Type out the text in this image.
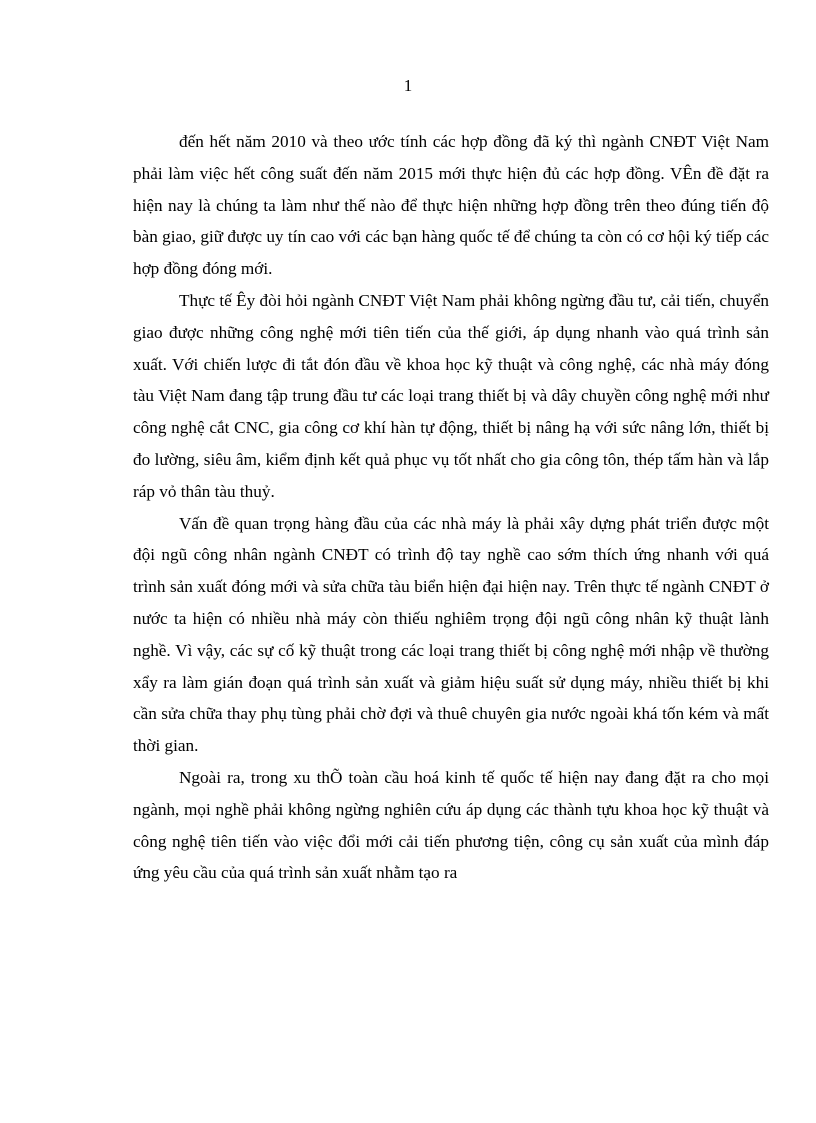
1

đến hết năm 2010 và theo ước tính các hợp đồng đã ký thì ngành CNĐT Việt Nam phải làm việc hết công suất đến năm 2015 mới thực hiện đủ các hợp đồng. VÊn đề đặt ra hiện nay là chúng ta làm như thế nào để thực hiện những hợp đồng trên theo đúng tiến độ bàn giao, giữ được uy tín cao với các bạn hàng quốc tế để chúng ta còn có cơ hội ký tiếp các hợp đồng đóng mới.

Thực tế Êy đòi hỏi ngành CNĐT Việt Nam phải không ngừng đầu tư, cải tiến, chuyển giao được những công nghệ mới tiên tiến của thế giới, áp dụng nhanh vào quá trình sản xuất. Với chiến lược đi tắt đón đầu về khoa học kỹ thuật và công nghệ, các nhà máy đóng tàu Việt Nam đang tập trung đầu tư các loại trang thiết bị và dây chuyền công nghệ mới như công nghệ cắt CNC, gia công cơ khí hàn tự động, thiết bị nâng hạ với sức nâng lớn, thiết bị đo lường, siêu âm, kiểm định kết quả phục vụ tốt nhất cho gia công tôn, thép tấm hàn và lắp ráp vỏ thân tàu thuỷ.

Vấn đề quan trọng hàng đầu của các nhà máy là phải xây dựng phát triển được một đội ngũ công nhân ngành CNĐT có trình độ tay nghề cao sớm thích ứng nhanh với quá trình sản xuất đóng mới và sửa chữa tàu biển hiện đại hiện nay. Trên thực tế ngành CNĐT ở nước ta hiện có nhiều nhà máy còn thiếu nghiêm trọng đội ngũ công nhân kỹ thuật lành nghề. Vì vậy, các sự cố kỹ thuật trong các loại trang thiết bị công nghệ mới nhập về thường xẩy ra làm gián đoạn quá trình sản xuất và giảm hiệu suất sử dụng máy, nhiều thiết bị khi cần sửa chữa thay phụ tùng phải chờ đợi và thuê chuyên gia nước ngoài khá tốn kém và mất thời gian.

Ngoài ra, trong xu thÕ toàn cầu hoá kinh tế quốc tế hiện nay đang đặt ra cho mọi ngành, mọi nghề phải không ngừng nghiên cứu áp dụng các thành tựu khoa học kỹ thuật và công nghệ tiên tiến vào việc đổi mới cải tiến phương tiện, công cụ sản xuất của mình đáp ứng yêu cầu của quá trình sản xuất nhằm tạo ra
